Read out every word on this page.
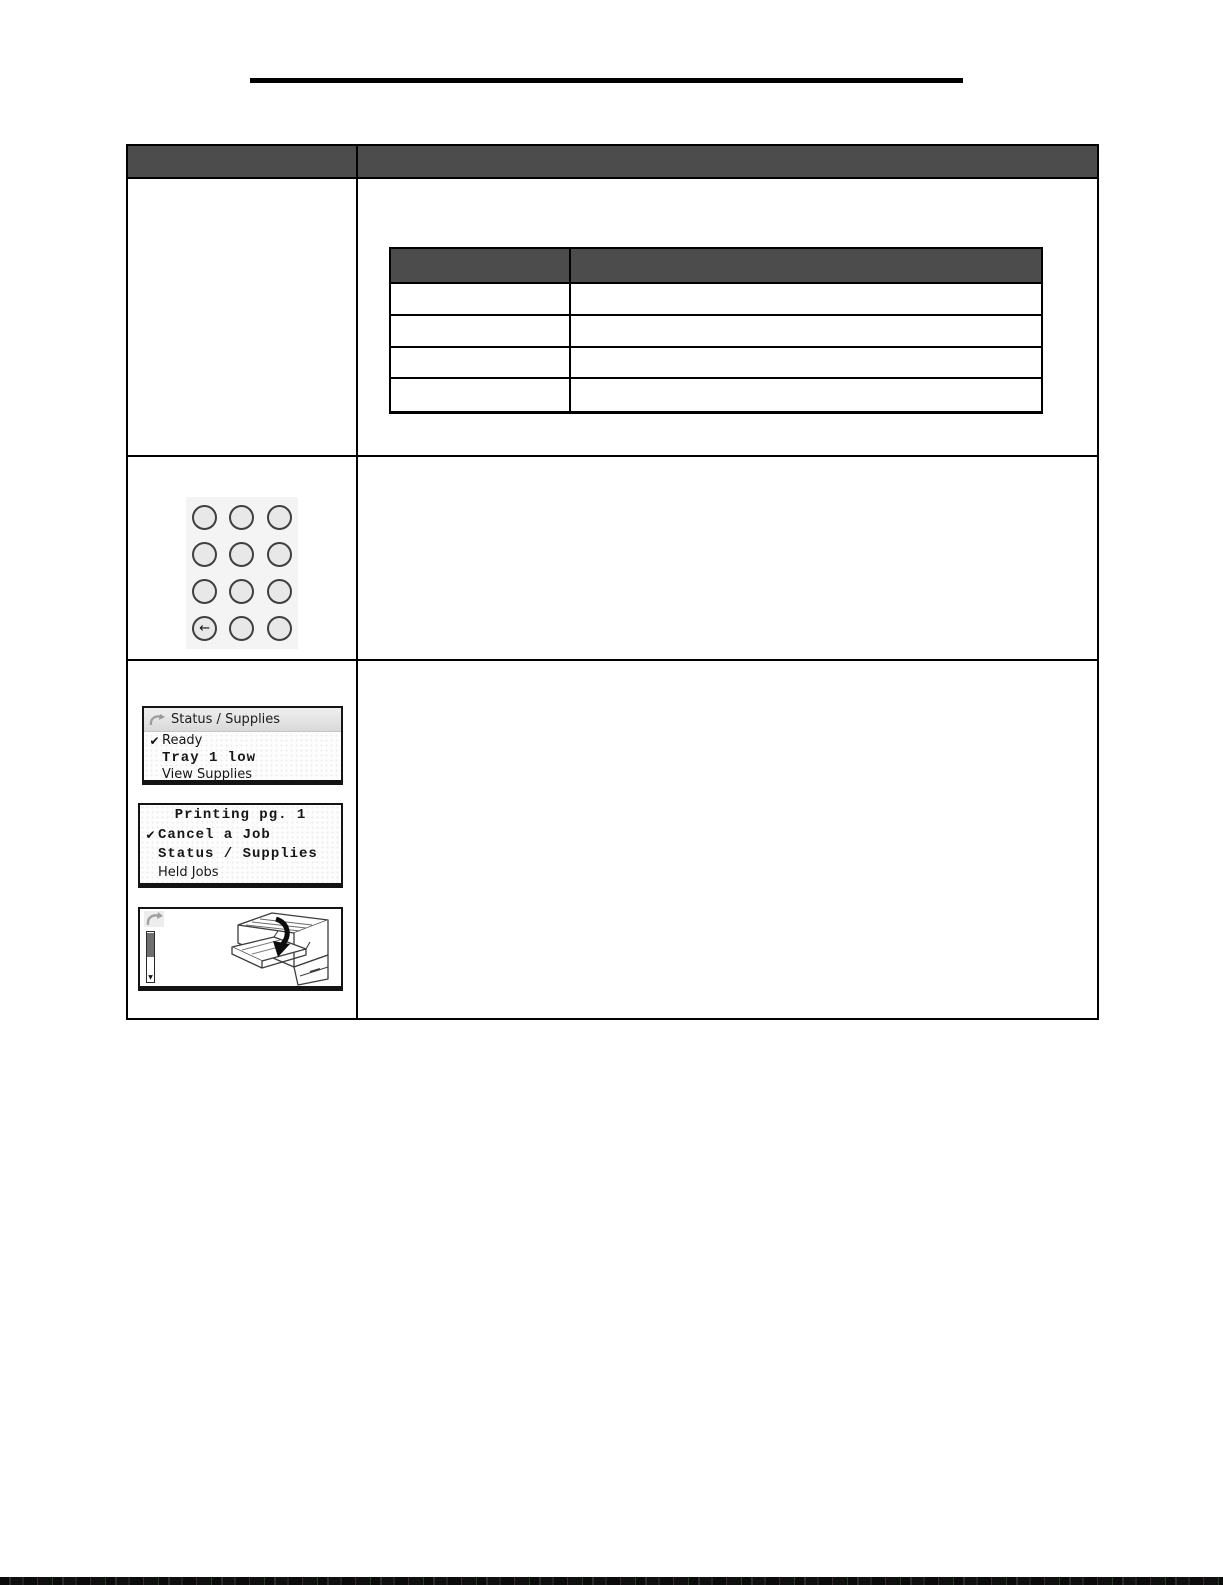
←
Status / Supplies
✔ Ready
Tray 1 low
View Supplies
Printing pg. 1
✔ Cancel a Job
Status / Supplies
Held Jobs
▼
